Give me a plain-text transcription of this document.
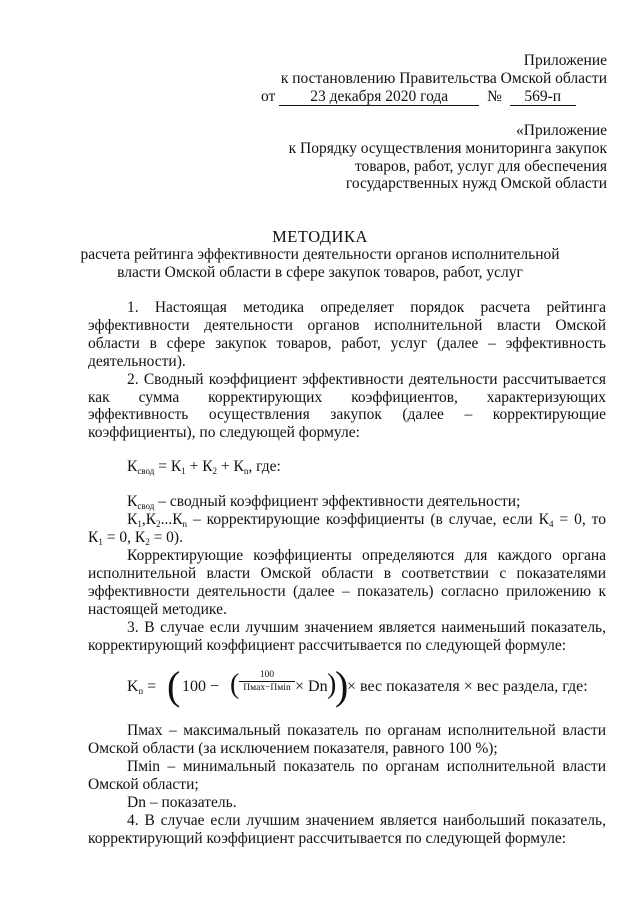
Приложение
к постановлению Правительства Омской области
от 23 декабря 2020 года	№ 569-п
«Приложение
к Порядку осуществления мониторинга закупок
товаров, работ, услуг для обеспечения
государственных нужд Омской области
МЕТОДИКА
расчета рейтинга эффективности деятельности органов исполнительной
власти Омской области в сфере закупок товаров, работ, услуг
1. Настоящая методика определяет порядок расчета рейтинга
эффективности деятельности органов исполнительной власти Омской
области в сфере закупок товаров, работ, услуг (далее – эффективность
деятельности).
2. Сводный коэффициент эффективности деятельности рассчитывается
как сумма корректирующих коэффициентов, характеризующих
эффективность осуществления закупок (далее – корректирующие
коэффициенты), по следующей формуле:
$К_{свод} = К_1 + К_2 + К_n$, где:
$К_{свод}$ – сводный коэффициент эффективности деятельности;
$К_1,К_2...К_n$ – корректирующие коэффициенты (в случае, если $К_4 = 0$, то
$К_1 = 0$, $К_2 = 0$).
Корректирующие коэффициенты определяются для каждого органа
исполнительной власти Омской области в соответствии с показателями
эффективности деятельности (далее – показатель) согласно приложению к
настоящей методике.
3. В случае если лучшим значением является наименьший показатель,
корректирующий коэффициент рассчитывается по следующей формуле:
$K_n$ = ( 100 − (	100
Пмах−Пмin × Dn )
)
× вес показателя × вес раздела, где:
Пмах – максимальный показатель по органам исполнительной власти
Омской области (за исключением показателя, равного 100 %);
Пмin – минимальный показатель по органам исполнительной власти
Омской области;
Dn – показатель.
4. В случае если лучшим значением является наибольший показатель,
корректирующий коэффициент рассчитывается по следующей формуле:
